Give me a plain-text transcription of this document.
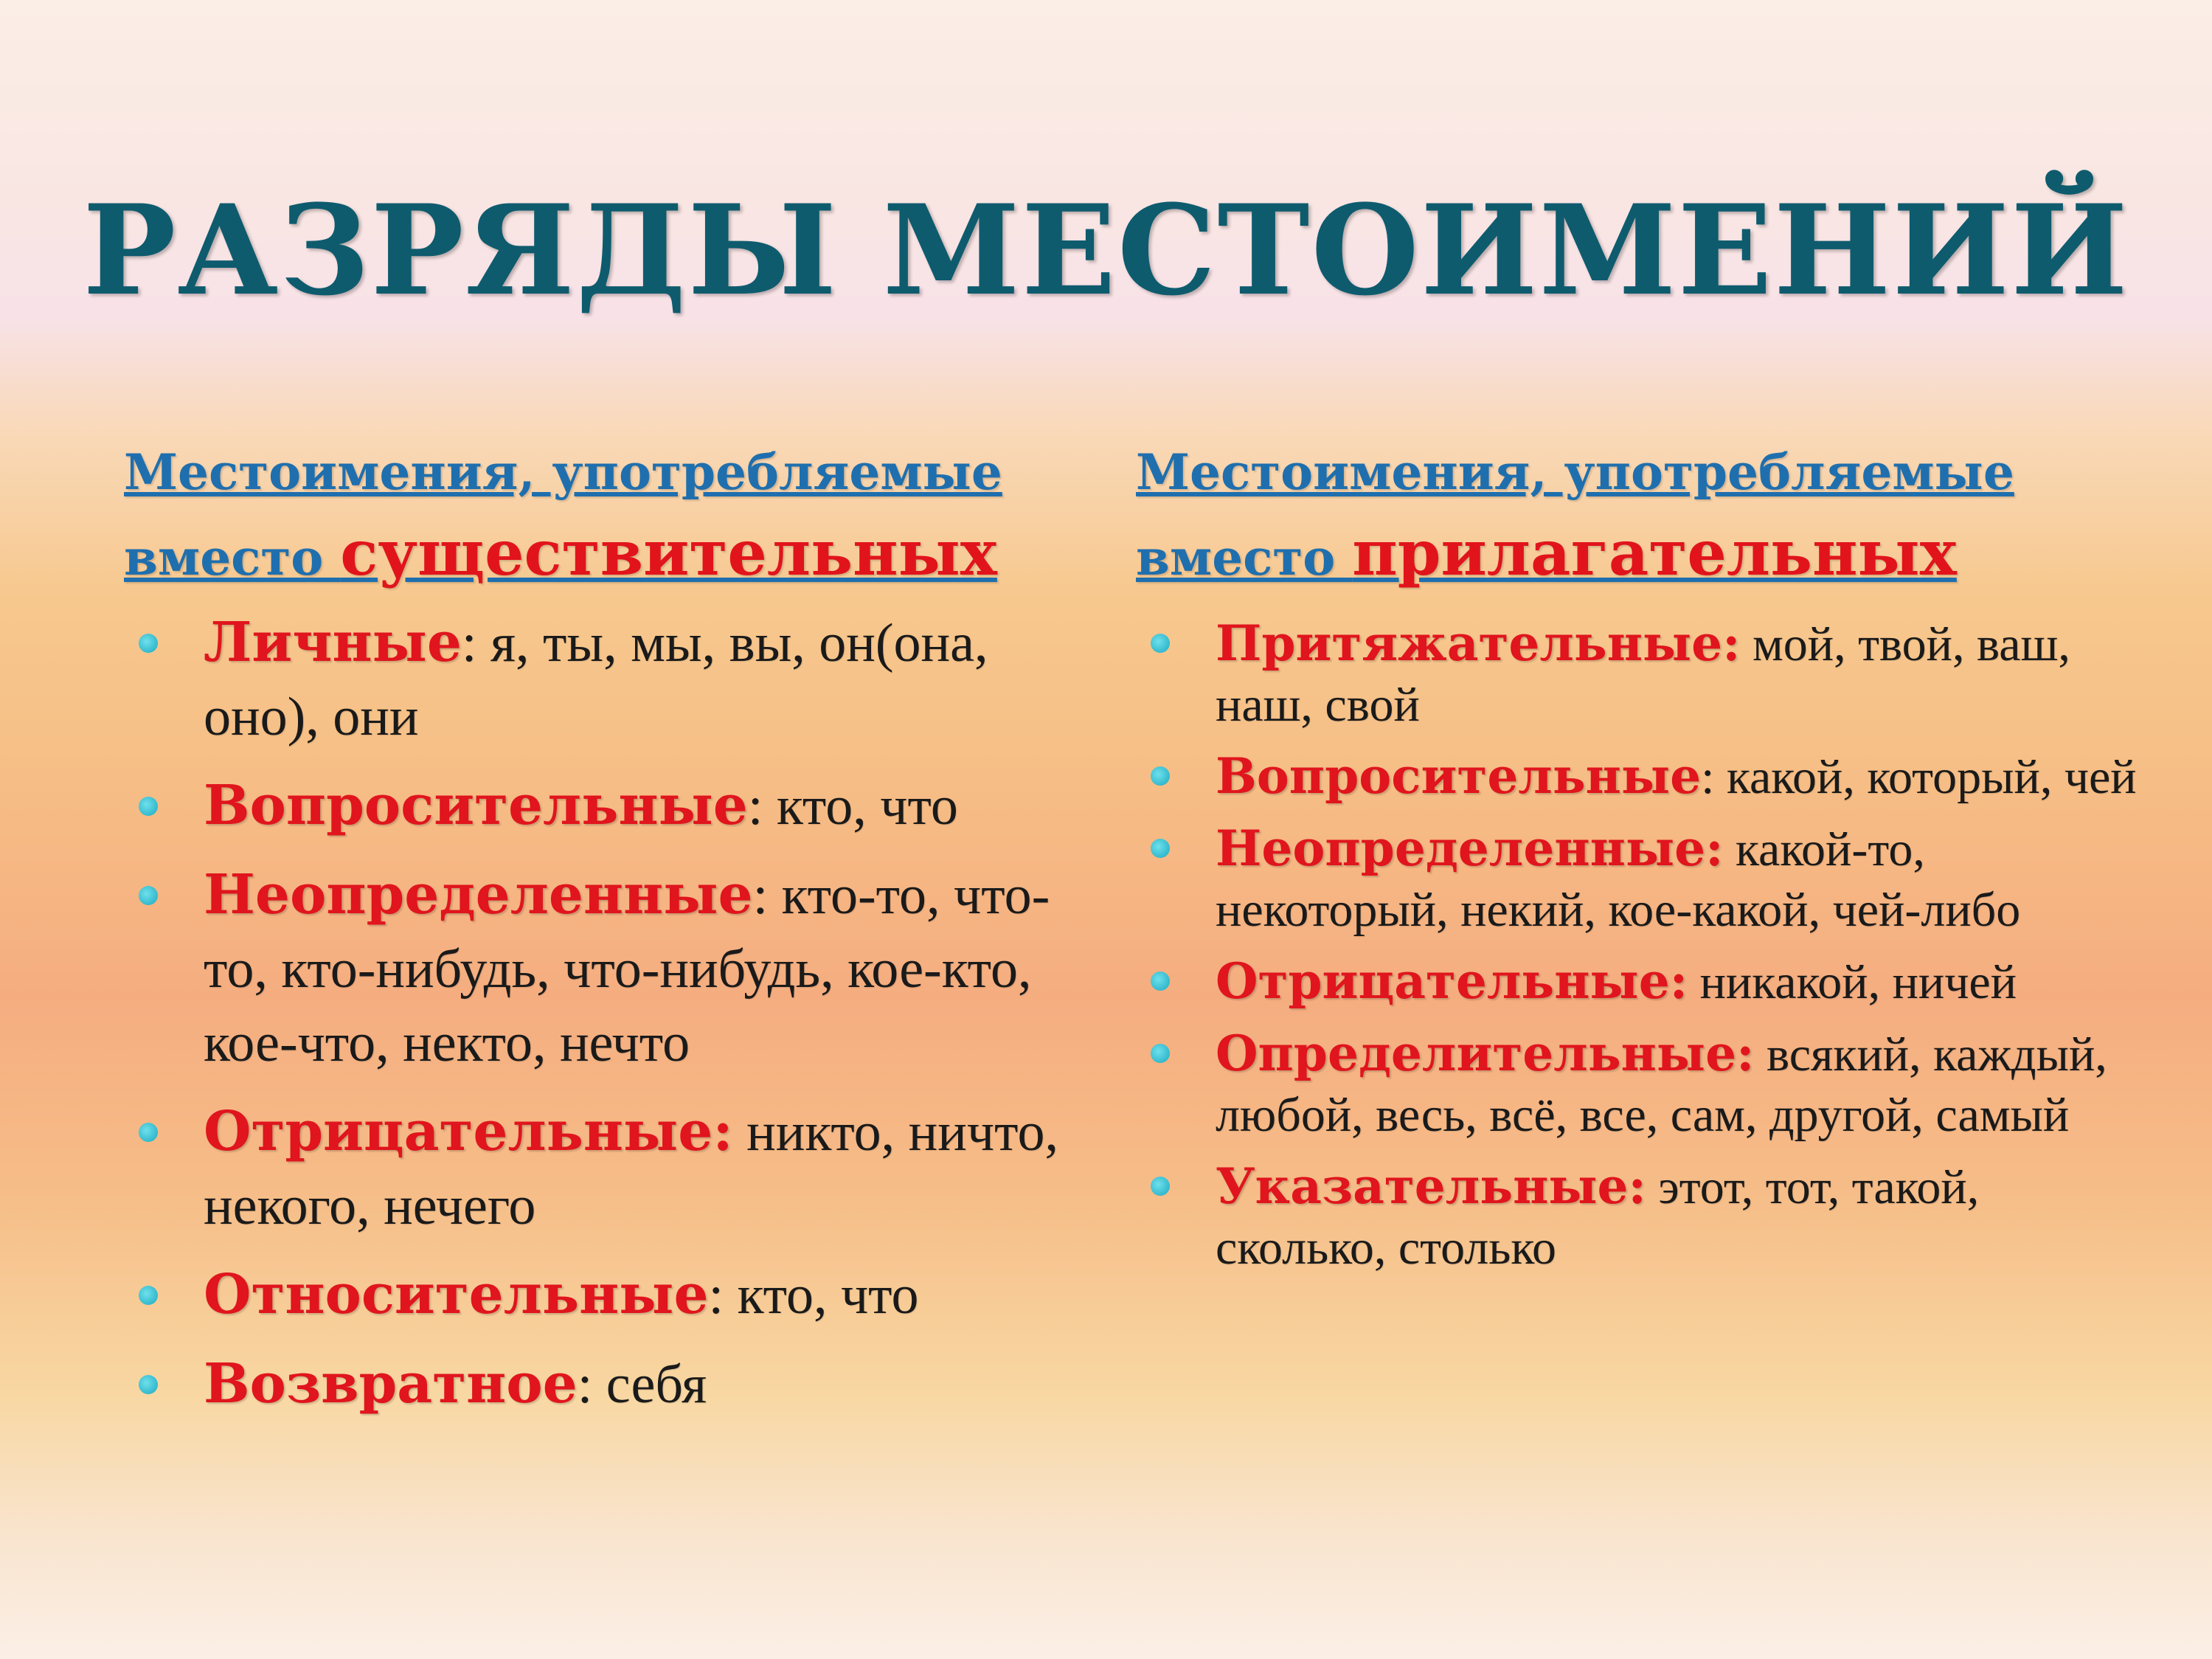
РАЗРЯДЫ МЕСТОИМЕНИЙ
Местоимения, употребляемые
вместо существительных
Личные: я, ты, мы, вы, он(она, оно), они
Вопросительные: кто, что
Неопределенные: кто-то, что-то, кто-нибудь, что-нибудь, кое-кто, кое-что, некто, нечто
Отрицательные: никто, ничто, некого, нечего
Относительные: кто, что
Возвратное: себя
Местоимения, употребляемые
вместо прилагательных
Притяжательные: мой, твой, ваш, наш, свой
Вопросительные: какой, который, чей
Неопределенные: какой-то, некоторый, некий, кое-какой, чей-либо
Отрицательные: никакой, ничей
Определительные: всякий, каждый, любой, весь, всё, все, сам, другой, самый
Указательные: этот, тот, такой, сколько, столько
